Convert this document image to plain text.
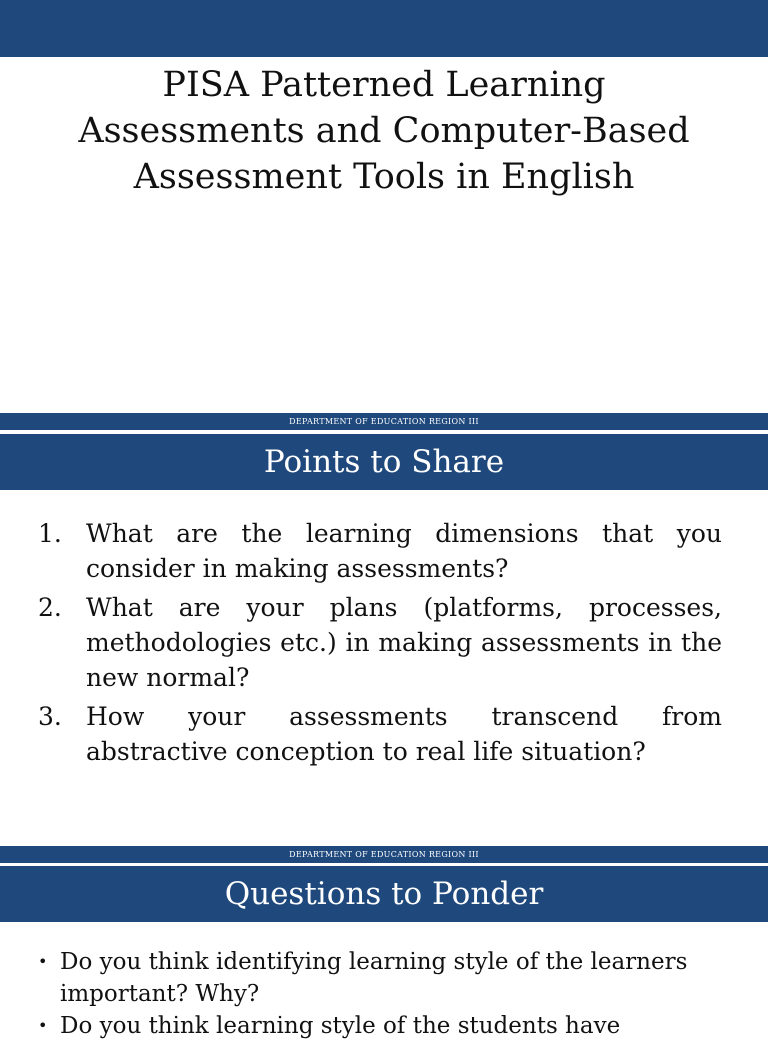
PISA Patterned Learning Assessments and Computer-Based Assessment Tools in English
DEPARTMENT OF EDUCATION REGION III
Points to Share
1. What are the learning dimensions that you consider in making assessments?
2. What are your plans (platforms, processes, methodologies etc.) in making assessments in the new normal?
3. How your assessments transcend from abstractive conception to real life situation?
DEPARTMENT OF EDUCATION REGION III
Questions to Ponder
• Do you think identifying learning style of the learners important? Why?
• Do you think learning style of the students have
